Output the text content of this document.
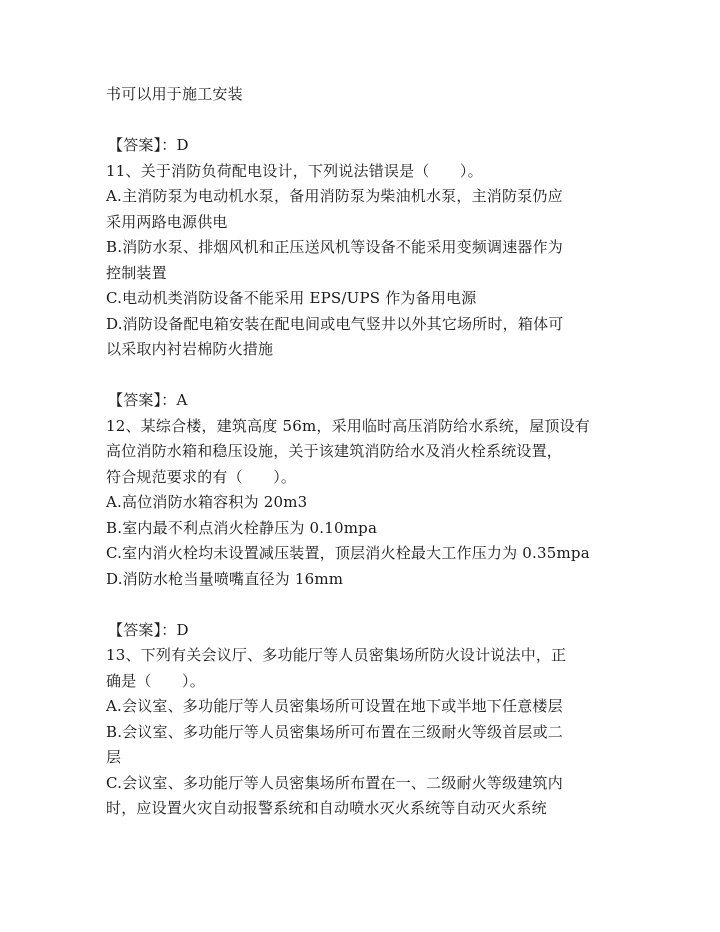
书可以用于施工安装
【答案】：D
11、关于消防负荷配电设计，下列说法错误是（　　）。
A.主消防泵为电动机水泵，备用消防泵为柴油机水泵，主消防泵仍应
采用两路电源供电
B.消防水泵、排烟风机和正压送风机等设备不能采用变频调速器作为
控制装置
C.电动机类消防设备不能采用 EPS/UPS 作为备用电源
D.消防设备配电箱安装在配电间或电气竖井以外其它场所时，箱体可
以采取内衬岩棉防火措施
【答案】：A
12、某综合楼，建筑高度 56m，采用临时高压消防给水系统，屋顶设有
高位消防水箱和稳压设施，关于该建筑消防给水及消火栓系统设置，
符合规范要求的有（　　）。
A.高位消防水箱容积为 20m3
B.室内最不利点消火栓静压为 0.10mpa
C.室内消火栓均未设置减压装置，顶层消火栓最大工作压力为 0.35mpa
D.消防水枪当量喷嘴直径为 16mm
【答案】：D
13、下列有关会议厅、多功能厅等人员密集场所防火设计说法中，正
确是（　　）。
A.会议室、多功能厅等人员密集场所可设置在地下或半地下任意楼层
B.会议室、多功能厅等人员密集场所可布置在三级耐火等级首层或二
层
C.会议室、多功能厅等人员密集场所布置在一、二级耐火等级建筑内
时，应设置火灾自动报警系统和自动喷水灭火系统等自动灭火系统
